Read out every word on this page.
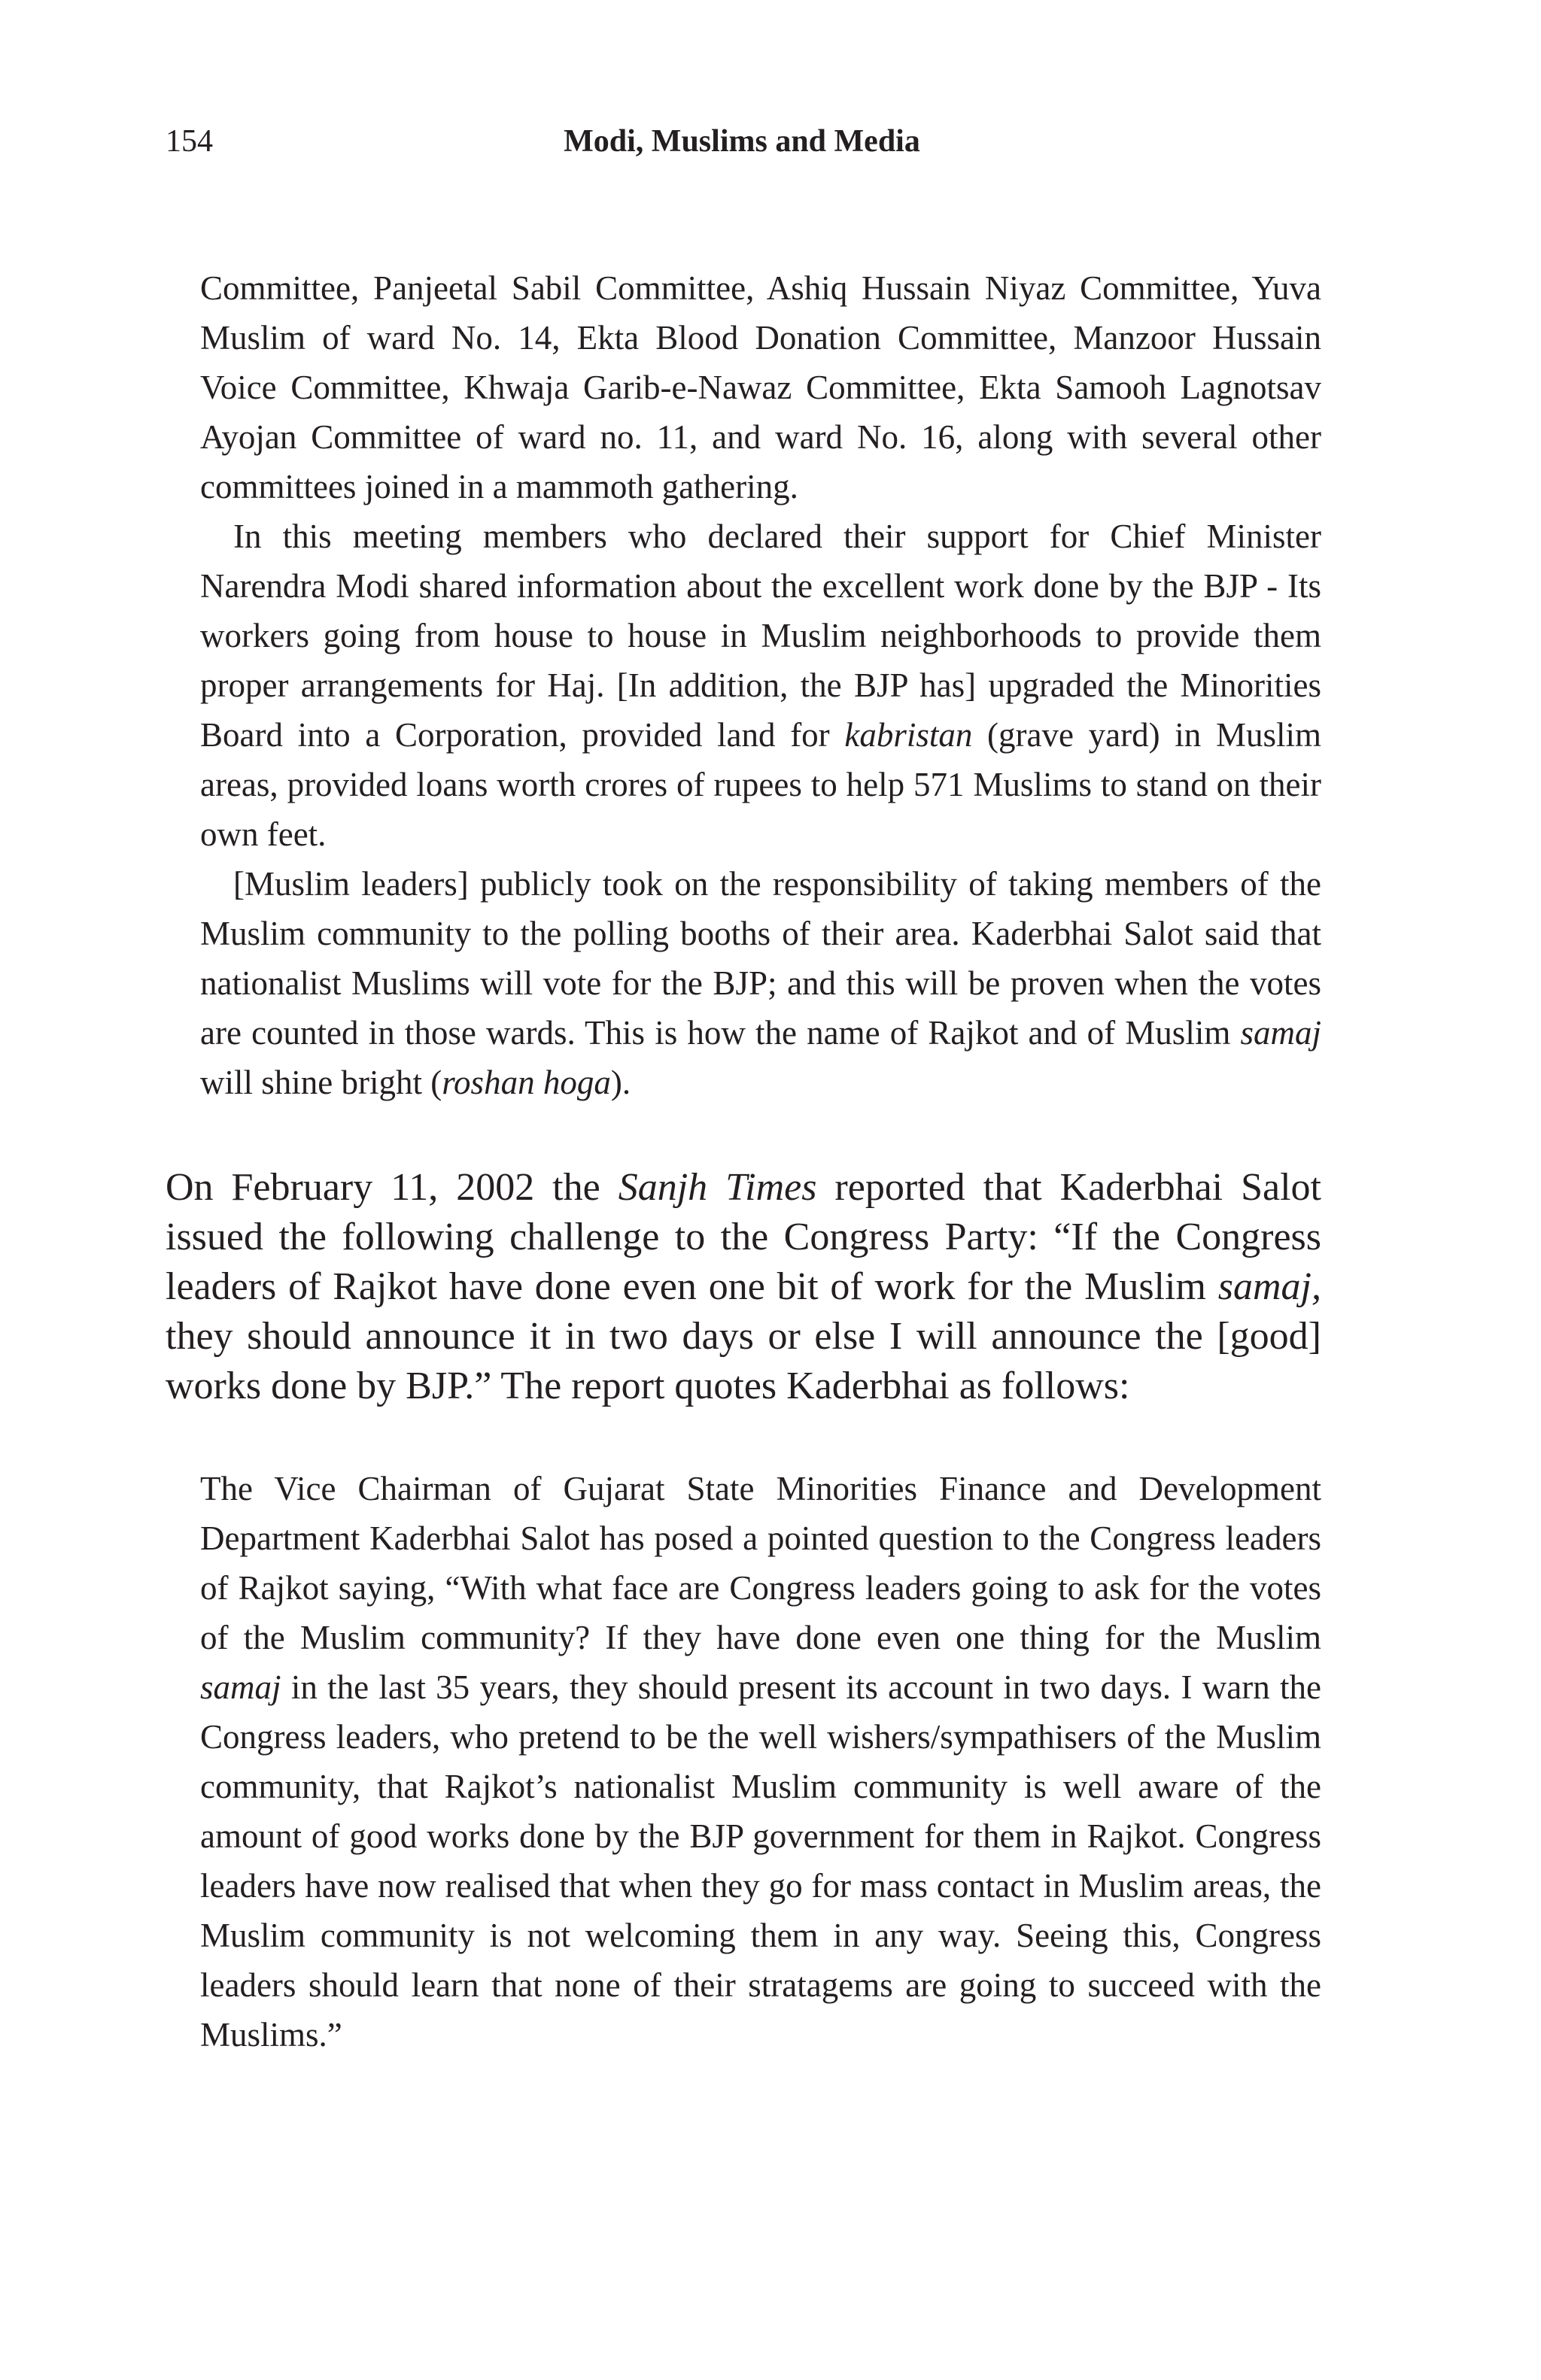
154	Modi, Muslims and Media

Committee, Panjeetal Sabil Committee, Ashiq Hussain Niyaz Committee, Yuva Muslim of ward No. 14, Ekta Blood Donation Committee, Manzoor Hussain Voice Committee, Khwaja Garib-e-Nawaz Committee, Ekta Samooh Lagnotsav Ayojan Committee of ward no. 11, and ward No. 16, along with several other committees joined in a mammoth gathering.

In this meeting members who declared their support for Chief Minister Narendra Modi shared information about the excellent work done by the BJP - Its workers going from house to house in Muslim neighborhoods to provide them proper arrangements for Haj. [In addition, the BJP has] upgraded the Minorities Board into a Corporation, provided land for kabristan (grave yard) in Muslim areas, provided loans worth crores of rupees to help 571 Muslims to stand on their own feet.

[Muslim leaders] publicly took on the responsibility of taking members of the Muslim community to the polling booths of their area. Kaderbhai Salot said that nationalist Muslims will vote for the BJP; and this will be proven when the votes are counted in those wards. This is how the name of Rajkot and of Muslim samaj will shine bright (roshan hoga).

On February 11, 2002 the Sanjh Times reported that Kaderbhai Salot issued the following challenge to the Congress Party: “If the Congress leaders of Rajkot have done even one bit of work for the Muslim samaj, they should announce it in two days or else I will announce the [good] works done by BJP.” The report quotes Kaderbhai as follows:

The Vice Chairman of Gujarat State Minorities Finance and Development Department Kaderbhai Salot has posed a pointed question to the Congress leaders of Rajkot saying, “With what face are Congress leaders going to ask for the votes of the Muslim community? If they have done even one thing for the Muslim samaj in the last 35 years, they should present its account in two days. I warn the Congress leaders, who pretend to be the well wishers/sympathisers of the Muslim community, that Rajkot’s nationalist Muslim community is well aware of the amount of good works done by the BJP government for them in Rajkot. Congress leaders have now realised that when they go for mass contact in Muslim areas, the Muslim community is not welcoming them in any way. Seeing this, Congress leaders should learn that none of their stratagems are going to succeed with the Muslims.”
